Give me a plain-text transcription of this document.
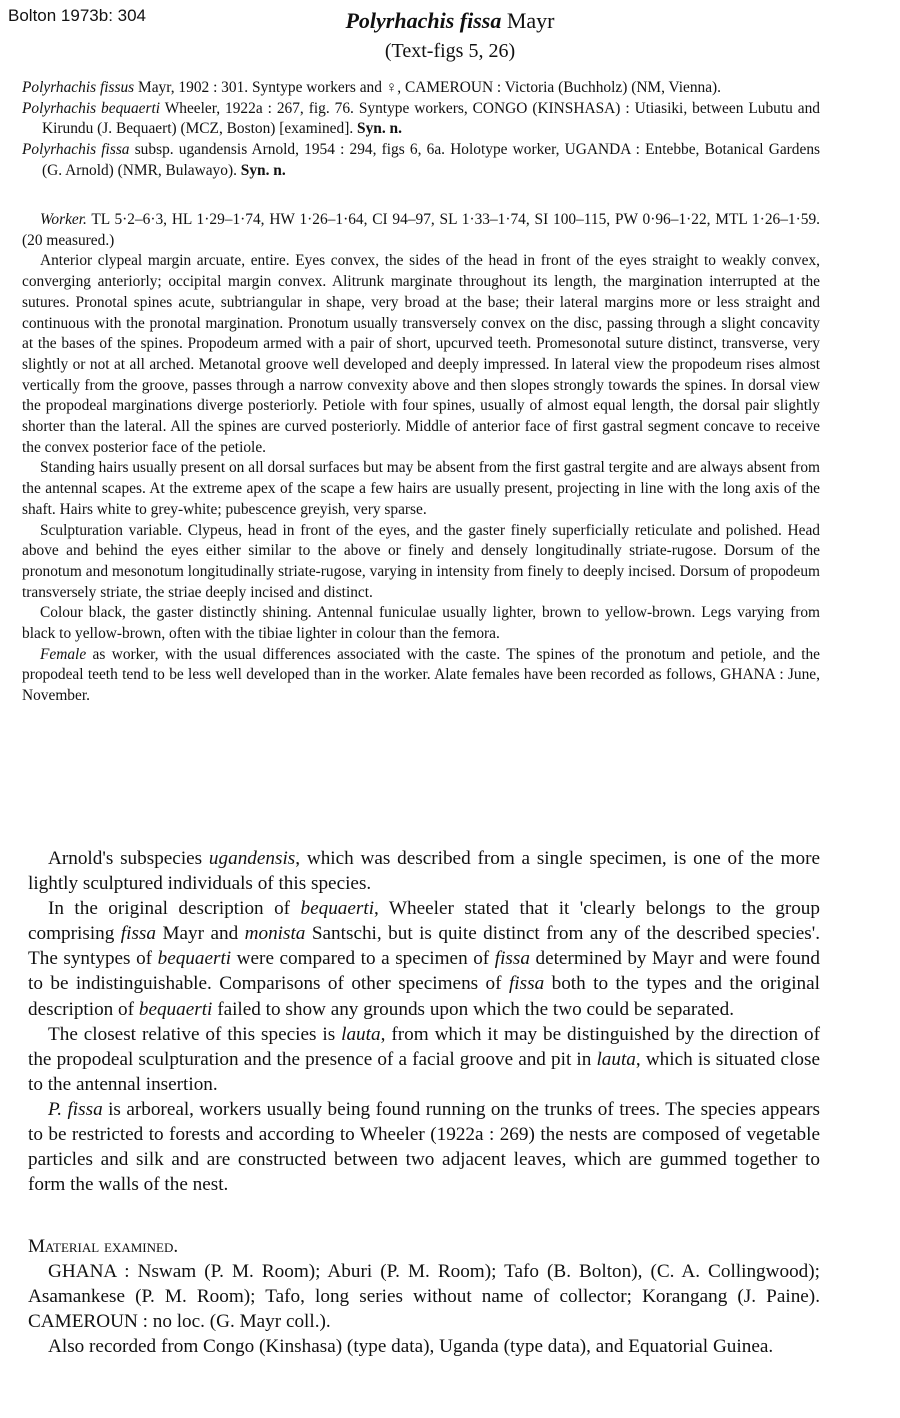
Bolton 1973b: 304	Polyrhachis fissa Mayr
(Text-figs 5, 26)

Polyrhachis fissus Mayr, 1902 : 301. Syntype workers and ♀, CAMEROUN : Victoria (Buchholz) (NM, Vienna).

Polyrhachis bequaerti Wheeler, 1922a : 267, fig. 76. Syntype workers, CONGO (KINSHASA) : Utiasiki, between Lubutu and Kirundu (J. Bequaert) (MCZ, Boston) [examined]. Syn. n.

Polyrhachis fissa subsp. ugandensis Arnold, 1954 : 294, figs 6, 6a. Holotype worker, UGANDA : Entebbe, Botanical Gardens (G. Arnold) (NMR, Bulawayo). Syn. n.

Worker. TL 5·2–6·3, HL 1·29–1·74, HW 1·26–1·64, CI 94–97, SL 1·33–1·74, SI 100–115, PW 0·96–1·22, MTL 1·26–1·59. (20 measured.)

Anterior clypeal margin arcuate, entire. Eyes convex, the sides of the head in front of the eyes straight to weakly convex, converging anteriorly; occipital margin convex. Alitrunk marginate throughout its length, the margination interrupted at the sutures. Pronotal spines acute, subtriangular in shape, very broad at the base; their lateral margins more or less straight and continuous with the pronotal margination. Pronotum usually transversely convex on the disc, passing through a slight concavity at the bases of the spines. Propodeum armed with a pair of short, upcurved teeth. Promesonotal suture distinct, transverse, very slightly or not at all arched. Metanotal groove well developed and deeply impressed. In lateral view the propodeum rises almost vertically from the groove, passes through a narrow convexity above and then slopes strongly towards the spines. In dorsal view the propodeal marginations diverge posteriorly. Petiole with four spines, usually of almost equal length, the dorsal pair slightly shorter than the lateral. All the spines are curved posteriorly. Middle of anterior face of first gastral segment concave to receive the convex posterior face of the petiole.

Standing hairs usually present on all dorsal surfaces but may be absent from the first gastral tergite and are always absent from the antennal scapes. At the extreme apex of the scape a few hairs are usually present, projecting in line with the long axis of the shaft. Hairs white to grey-white; pubescence greyish, very sparse.

Sculpturation variable. Clypeus, head in front of the eyes, and the gaster finely superficially reticulate and polished. Head above and behind the eyes either similar to the above or finely and densely longitudinally striate-rugose. Dorsum of the pronotum and mesonotum longitudinally striate-rugose, varying in intensity from finely to deeply incised. Dorsum of propodeum transversely striate, the striae deeply incised and distinct.

Colour black, the gaster distinctly shining. Antennal funiculae usually lighter, brown to yellow-brown. Legs varying from black to yellow-brown, often with the tibiae lighter in colour than the femora.

Female as worker, with the usual differences associated with the caste. The spines of the pronotum and petiole, and the propodeal teeth tend to be less well developed than in the worker. Alate females have been recorded as follows, GHANA : June, November.

Arnold's subspecies ugandensis, which was described from a single specimen, is one of the more lightly sculptured individuals of this species.

In the original description of bequaerti, Wheeler stated that it 'clearly belongs to the group comprising fissa Mayr and monista Santschi, but is quite distinct from any of the described species'. The syntypes of bequaerti were compared to a specimen of fissa determined by Mayr and were found to be indistinguishable. Comparisons of other specimens of fissa both to the types and the original description of bequaerti failed to show any grounds upon which the two could be separated.

The closest relative of this species is lauta, from which it may be distinguished by the direction of the propodeal sculpturation and the presence of a facial groove and pit in lauta, which is situated close to the antennal insertion.

P. fissa is arboreal, workers usually being found running on the trunks of trees. The species appears to be restricted to forests and according to Wheeler (1922a : 269) the nests are composed of vegetable particles and silk and are constructed between two adjacent leaves, which are gummed together to form the walls of the nest.

Material examined.

GHANA : Nswam (P. M. Room); Aburi (P. M. Room); Tafo (B. Bolton), (C. A. Collingwood); Asamankese (P. M. Room); Tafo, long series without name of collector; Korangang (J. Paine). CAMEROUN : no loc. (G. Mayr coll.).

Also recorded from Congo (Kinshasa) (type data), Uganda (type data), and Equatorial Guinea.
